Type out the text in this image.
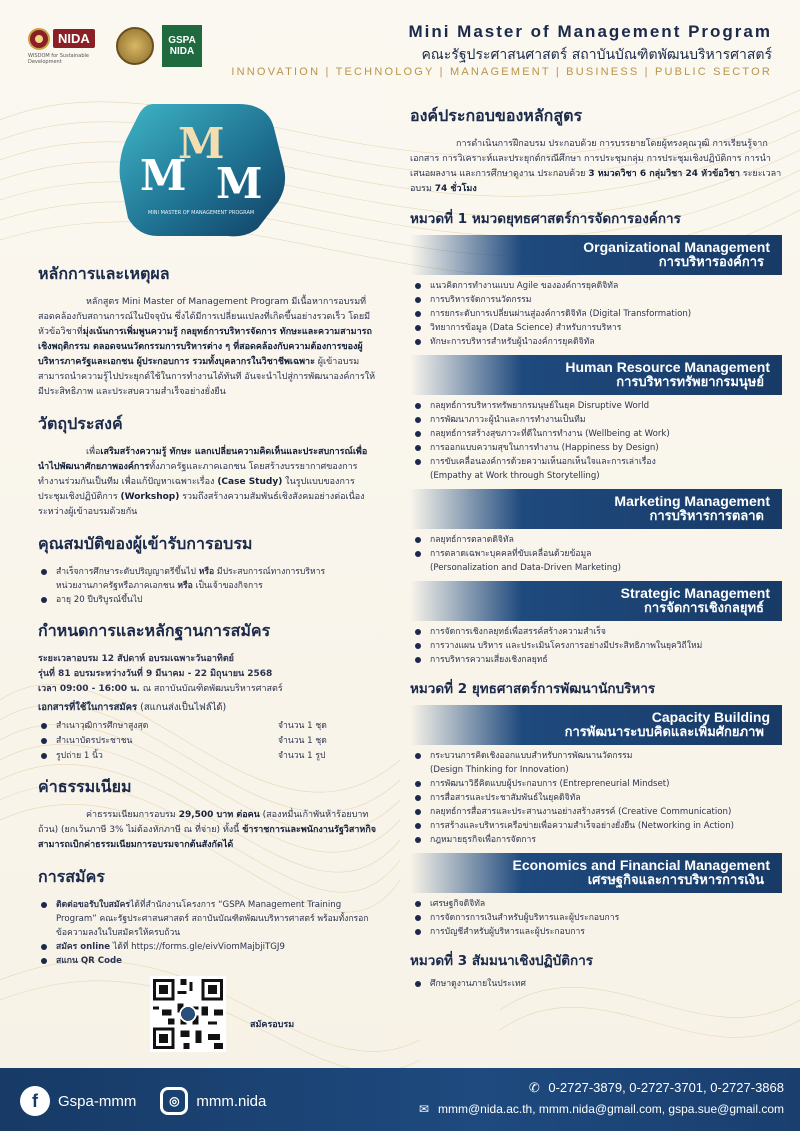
NIDA
WISDOM for Sustainable Development
GSPA
NIDA
Mini Master of Management Program
คณะรัฐประศาสนศาสตร์ สถาบันบัณฑิตพัฒนบริหารศาสตร์
INNOVATION | TECHNOLOGY | MANAGEMENT | BUSINESS | PUBLIC SECTOR
M
M
M
MINI MASTER OF MANAGEMENT PROGRAM
หลักการและเหตุผล

หลักสูตร Mini Master of Management Program มีเนื้อหาการอบรมที่สอดคล้องกับสถานการณ์ในปัจจุบัน ซึ่งได้มีการเปลี่ยนแปลงที่เกิดขึ้นอย่างรวดเร็ว โดยมีหัวข้อวิชาที่มุ่งเน้นการเพิ่มพูนความรู้ กลยุทธ์การบริหารจัดการ ทักษะและความสามารถเชิงพฤติกรรม ตลอดจนนวัตกรรมการบริหารต่าง ๆ ที่สอดคล้องกับความต้องการของผู้บริหารภาครัฐและเอกชน ผู้ประกอบการ รวมทั้งบุคลากรในวิชาชีพเฉพาะ ผู้เข้าอบรมสามารถนำความรู้ไปประยุกต์ใช้ในการทำงานได้ทันที อันจะนำไปสู่การพัฒนาองค์การให้มีประสิทธิภาพ และประสบความสำเร็จอย่างยั่งยืน

วัตถุประสงค์

เพื่อเสริมสร้างความรู้ ทักษะ แลกเปลี่ยนความคิดเห็นและประสบการณ์เพื่อนำไปพัฒนาศักยภาพองค์การทั้งภาครัฐและภาคเอกชน โดยสร้างบรรยากาศของการทำงานร่วมกันเป็นทีม เพื่อแก้ปัญหาเฉพาะเรื่อง (Case Study) ในรูปแบบของการประชุมเชิงปฏิบัติการ (Workshop) รวมถึงสร้างความสัมพันธ์เชิงสังคมอย่างต่อเนื่องระหว่างผู้เข้าอบรมด้วยกัน

คุณสมบัติของผู้เข้ารับการอบรม
สำเร็จการศึกษาระดับปริญญาตรีขึ้นไป หรือ มีประสบการณ์ทางการบริหาร
หน่วยงานภาครัฐหรือภาคเอกชน หรือ เป็นเจ้าของกิจการ
อายุ 20 ปีบริบูรณ์ขึ้นไป
กำหนดการและหลักฐานการสมัคร
ระยะเวลาอบรม 12 สัปดาห์ อบรมเฉพาะวันอาทิตย์
รุ่นที่ 81 อบรมระหว่างวันที่ 9 มีนาคม - 22 มิถุนายน 2568
เวลา 09:00 - 16:00 น. ณ สถาบันบัณฑิตพัฒนบริหารศาสตร์
เอกสารที่ใช้ในการสมัคร (สแกนส่งเป็นไฟล์ได้)
สำเนาวุฒิการศึกษาสูงสุด	จำนวน 1 ชุด
สำเนาบัตรประชาชน	จำนวน 1 ชุด
รูปถ่าย 1 นิ้ว	จำนวน 1 รูป
ค่าธรรมเนียม

ค่าธรรมเนียมการอบรม 29,500 บาท ต่อคน (สองหมื่นเก้าพันห้าร้อยบาทถ้วน) (ยกเว้นภาษี 3% ไม่ต้องหักภาษี ณ ที่จ่าย) ทั้งนี้ ข้าราชการและพนักงานรัฐวิสาหกิจ สามารถเบิกค่าธรรมเนียมการอบรมจากต้นสังกัดได้

การสมัคร
ติดต่อขอรับใบสมัครได้ที่สำนักงานโครงการ “GSPA Management Training Program” คณะรัฐประศาสนศาสตร์ สถาบันบัณฑิตพัฒนบริหารศาสตร์ พร้อมทั้งกรอกข้อความลงในใบสมัครให้ครบถ้วน
สมัคร online ได้ที่ https://forms.gle/eivViomMajbjiTGJ9
สแกน QR Code
สมัครอบรม
องค์ประกอบของหลักสูตร

การดำเนินการฝึกอบรม ประกอบด้วย การบรรยายโดยผู้ทรงคุณวุฒิ การเรียนรู้จากเอกสาร การวิเคราะห์และประยุกต์กรณีศึกษา การประชุมกลุ่ม การประชุมเชิงปฏิบัติการ การนำเสนอผลงาน และการศึกษาดูงาน ประกอบด้วย 3 หมวดวิชา 6 กลุ่มวิชา 24 หัวข้อวิชา ระยะเวลาอบรม 74 ชั่วโมง

หมวดที่ 1 หมวดยุทธศาสตร์การจัดการองค์การ
Organizational Management
การบริหารองค์การ
แนวคิดการทำงานแบบ Agile ขององค์การยุคดิจิทัล
การบริหารจัดการนวัตกรรม
การยกระดับการเปลี่ยนผ่านสู่องค์การดิจิทัล (Digital Transformation)
วิทยาการข้อมูล (Data Science) สำหรับการบริหาร
ทักษะการบริหารสำหรับผู้นำองค์การยุคดิจิทัล
Human Resource Management
การบริหารทรัพยากรมนุษย์
กลยุทธ์การบริหารทรัพยากรมนุษย์ในยุค Disruptive World
การพัฒนาภาวะผู้นำและการทำงานเป็นทีม
กลยุทธ์การสร้างสุขภาวะที่ดีในการทำงาน (Wellbeing at Work)
การออกแบบความสุขในการทำงาน (Happiness by Design)
การขับเคลื่อนองค์การด้วยความเห็นอกเห็นใจและการเล่าเรื่อง
(Empathy at Work through Storytelling)
Marketing Management
การบริหารการตลาด
กลยุทธ์การตลาดดิจิทัล
การตลาดเฉพาะบุคคลที่ขับเคลื่อนด้วยข้อมูล
(Personalization and Data-Driven Marketing)
Strategic Management
การจัดการเชิงกลยุทธ์
การจัดการเชิงกลยุทธ์เพื่อสรรค์สร้างความสำเร็จ
การวางแผน บริหาร และประเมินโครงการอย่างมีประสิทธิภาพในยุควิถีใหม่
การบริหารความเสี่ยงเชิงกลยุทธ์
หมวดที่ 2 ยุทธศาสตร์การพัฒนานักบริหาร
Capacity Building
การพัฒนาระบบคิดและเพิ่มศักยภาพ
กระบวนการคิดเชิงออกแบบสำหรับการพัฒนานวัตกรรม
(Design Thinking for Innovation)
การพัฒนาวิธีคิดแบบผู้ประกอบการ (Entrepreneurial Mindset)
การสื่อสารและประชาสัมพันธ์ในยุคดิจิทัล
กลยุทธ์การสื่อสารและประสานงานอย่างสร้างสรรค์ (Creative Communication)
การสร้างและบริหารเครือข่ายเพื่อความสำเร็จอย่างยั่งยืน (Networking in Action)
กฎหมายธุรกิจเพื่อการจัดการ
Economics and Financial Management
เศรษฐกิจและการบริหารการเงิน
เศรษฐกิจดิจิทัล
การจัดการการเงินสำหรับผู้บริหารและผู้ประกอบการ
การบัญชีสำหรับผู้บริหารและผู้ประกอบการ
หมวดที่ 3 สัมมนาเชิงปฏิบัติการ
ศึกษาดูงานภายในประเทศ
f	Gspa-mmm	◎	mmm.nida
✆ 0-2727-3879, 0-2727-3701, 0-2727-3868
✉ mmm@nida.ac.th, mmm.nida@gmail.com, gspa.sue@gmail.com
